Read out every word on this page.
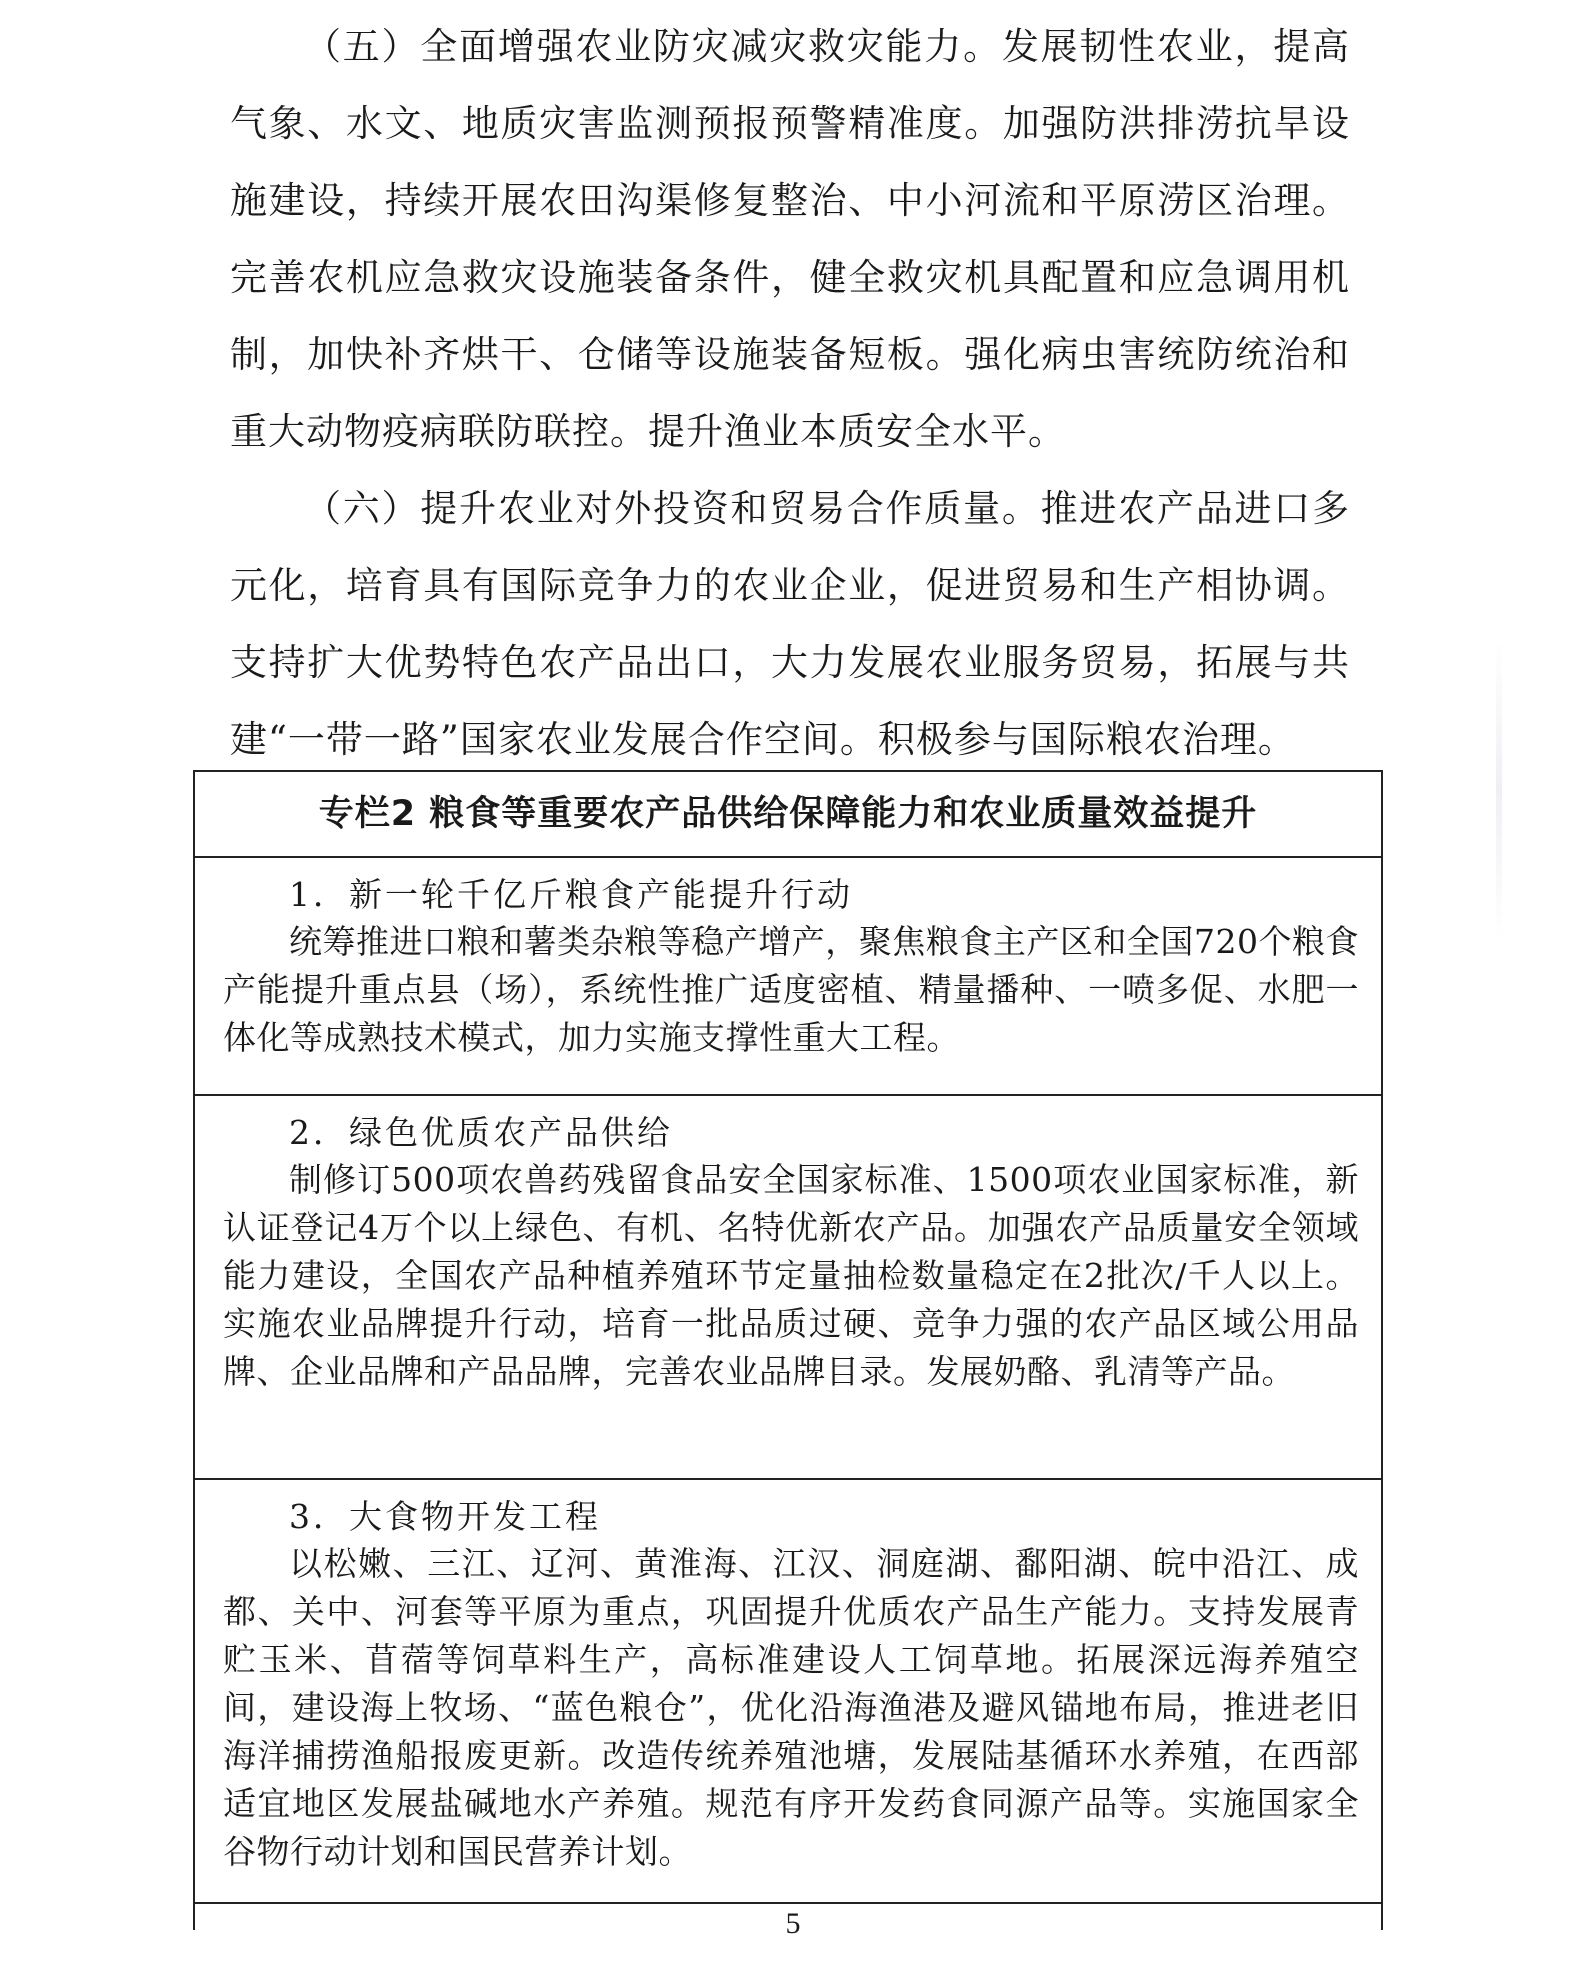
（五）全面增强农业防灾减灾救灾能力。发展韧性农业，提高气象、水文、地质灾害监测预报预警精准度。加强防洪排涝抗旱设施建设，持续开展农田沟渠修复整治、中小河流和平原涝区治理。完善农机应急救灾设施装备条件，健全救灾机具配置和应急调用机制，加快补齐烘干、仓储等设施装备短板。强化病虫害统防统治和重大动物疫病联防联控。提升渔业本质安全水平。

（六）提升农业对外投资和贸易合作质量。推进农产品进口多元化，培育具有国际竞争力的农业企业，促进贸易和生产相协调。支持扩大优势特色农产品出口，大力发展农业服务贸易，拓展与共建“一带一路”国家农业发展合作空间。积极参与国际粮农治理。

专栏2 粮食等重要农产品供给保障能力和农业质量效益提升
1．新一轮千亿斤粮食产能提升行动
统筹推进口粮和薯类杂粮等稳产增产，聚焦粮食主产区和全国720个粮食产能提升重点县（场），系统性推广适度密植、精量播种、一喷多促、水肥一体化等成熟技术模式，加力实施支撑性重大工程。
2．绿色优质农产品供给
制修订500项农兽药残留食品安全国家标准、1500项农业国家标准，新认证登记4万个以上绿色、有机、名特优新农产品。加强农产品质量安全领域能力建设，全国农产品种植养殖环节定量抽检数量稳定在2批次/千人以上。实施农业品牌提升行动，培育一批品质过硬、竞争力强的农产品区域公用品牌、企业品牌和产品品牌，完善农业品牌目录。发展奶酪、乳清等产品。
3．大食物开发工程
以松嫩、三江、辽河、黄淮海、江汉、洞庭湖、鄱阳湖、皖中沿江、成都、关中、河套等平原为重点，巩固提升优质农产品生产能力。支持发展青贮玉米、苜蓿等饲草料生产，高标准建设人工饲草地。拓展深远海养殖空间，建设海上牧场、“蓝色粮仓”，优化沿海渔港及避风锚地布局，推进老旧海洋捕捞渔船报废更新。改造传统养殖池塘，发展陆基循环水养殖，在西部适宜地区发展盐碱地水产养殖。规范有序开发药食同源产品等。实施国家全谷物行动计划和国民营养计划。
5
